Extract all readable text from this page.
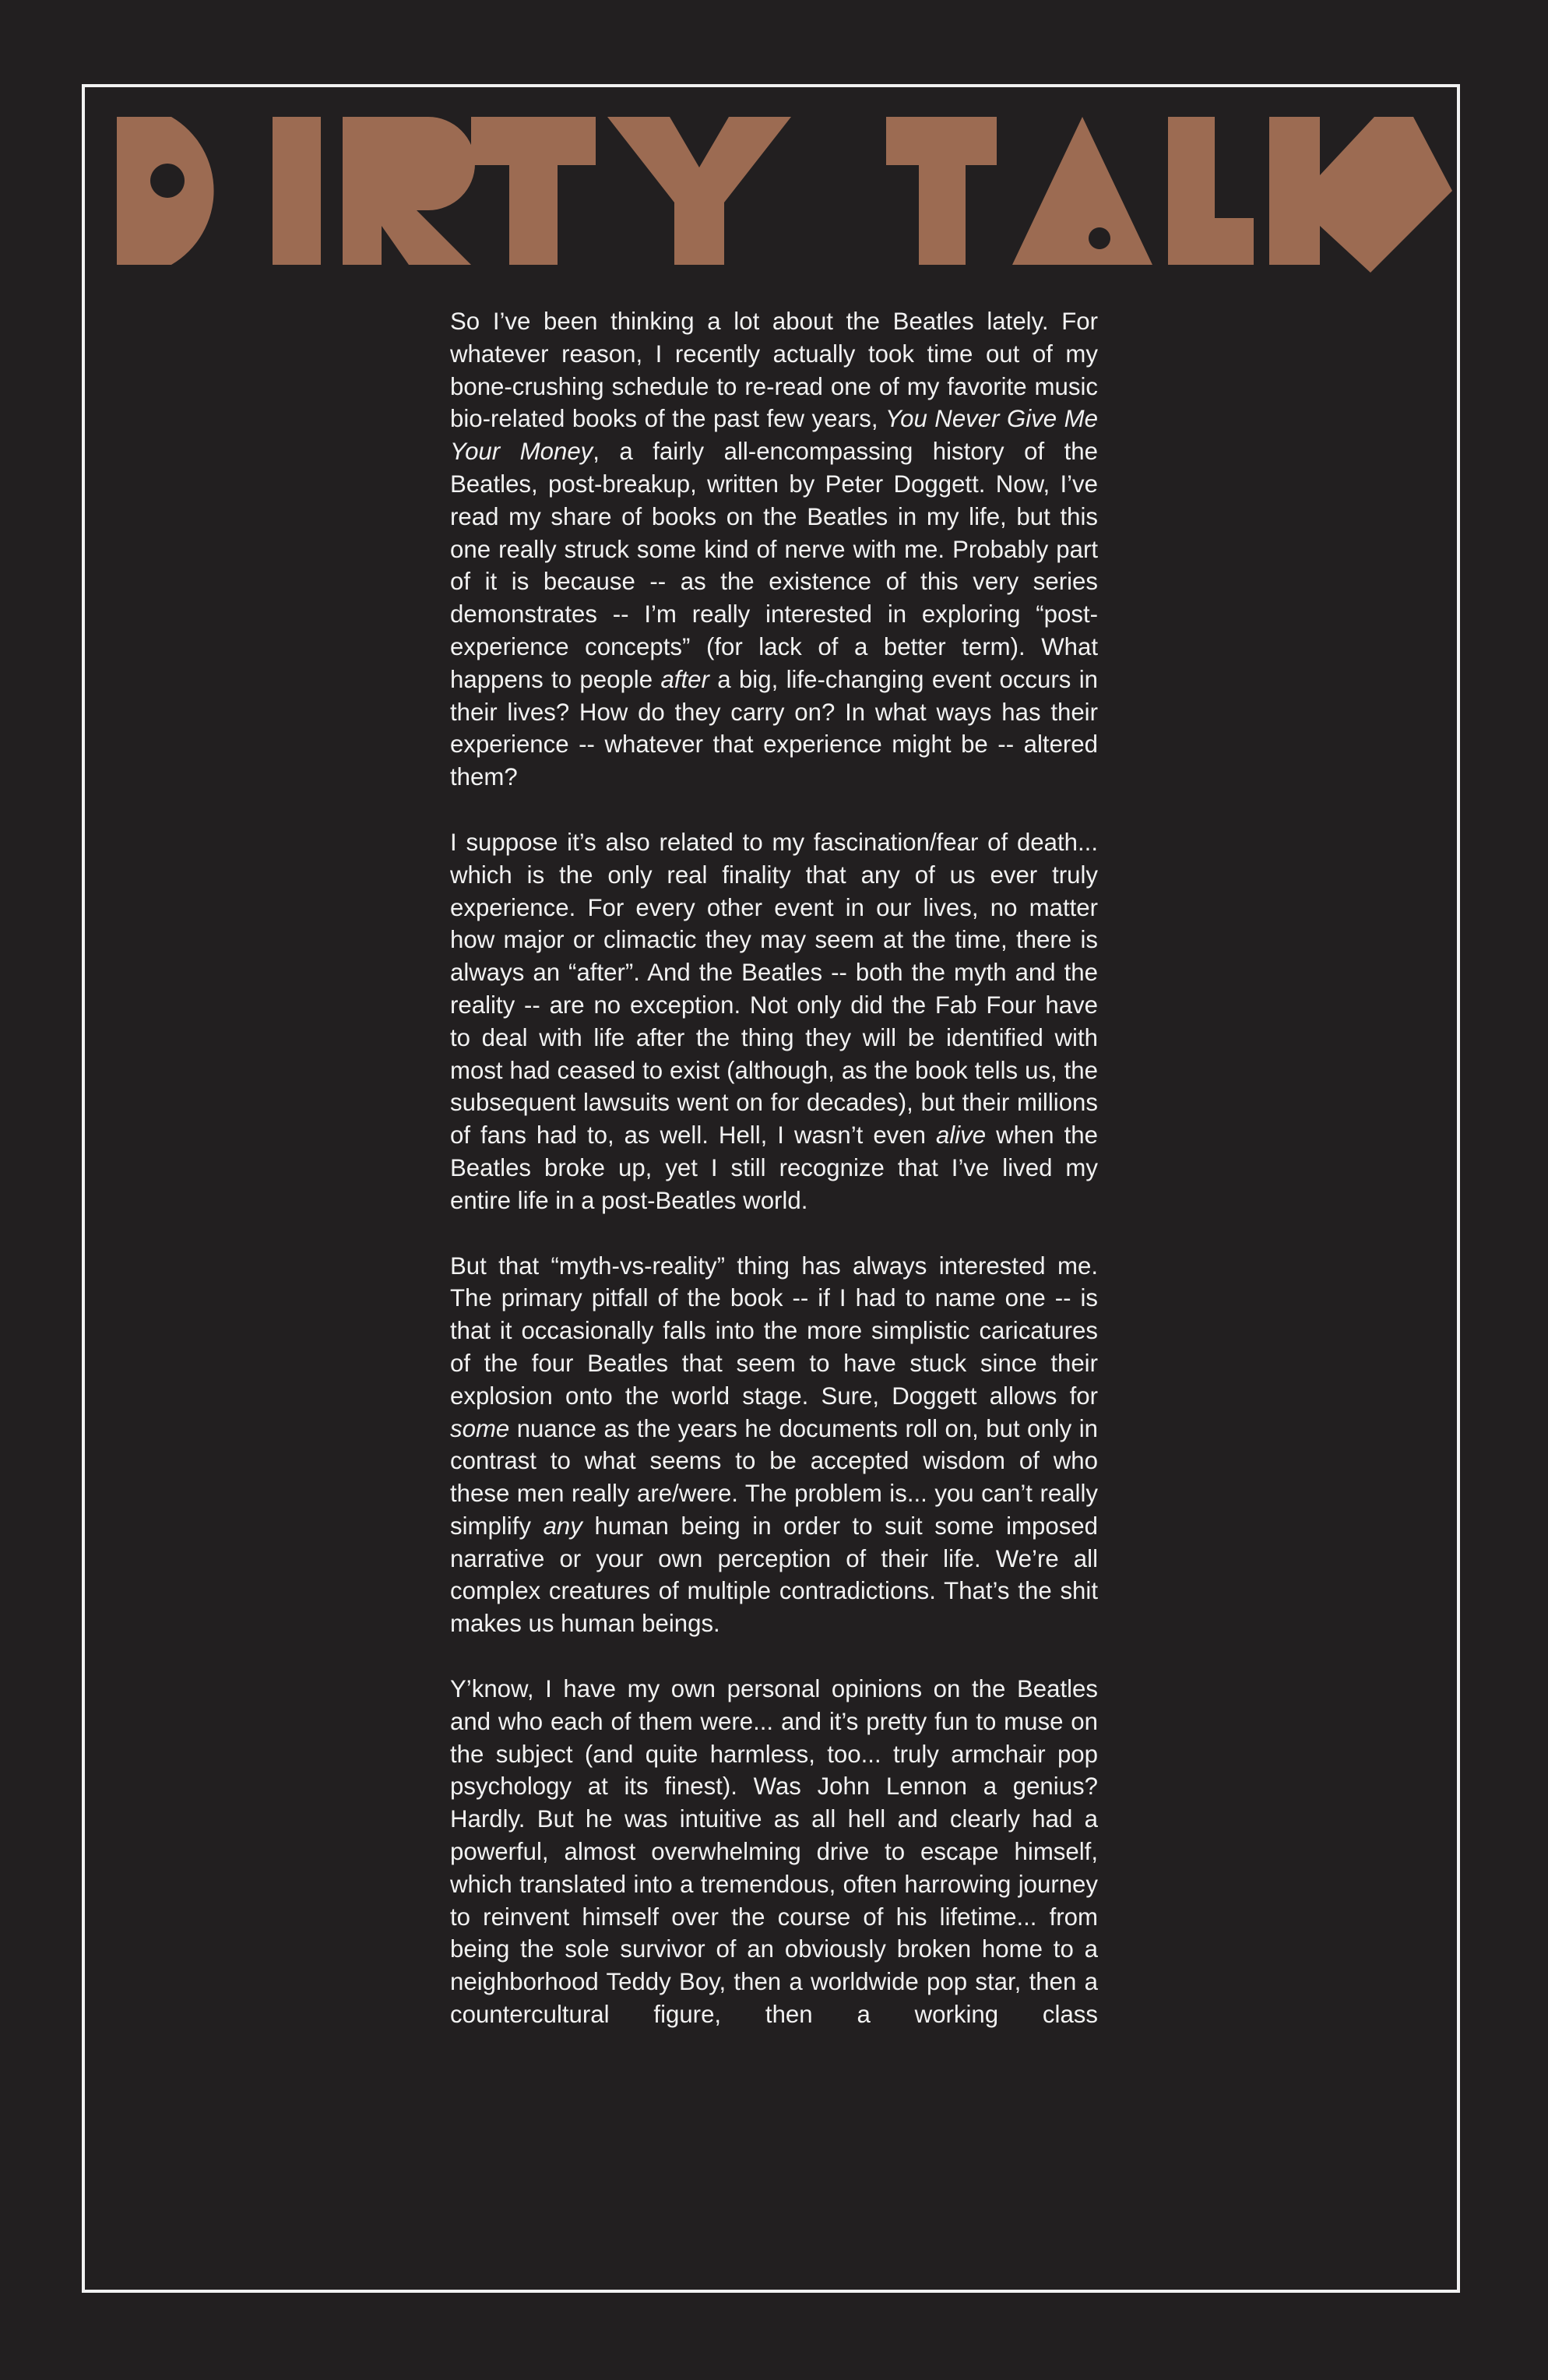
So I’ve been thinking a lot about the Beatles lately. For whatever reason, I recently actually took time out of my bone-crushing schedule to re-read one of my favorite music bio-related books of the past few years, You Never Give Me Your Money, a fairly all-encompassing history of the Beatles, post-breakup, written by Peter Doggett. Now, I’ve read my share of books on the Beatles in my life, but this one really struck some kind of nerve with me. Probably part of it is because -- as the existence of this very series demonstrates -- I’m really interested in exploring “post-experience concepts” (for lack of a better term). What happens to people after a big, life-changing event occurs in their lives? How do they carry on? In what ways has their experience -- whatever that experience might be -- altered them?

I suppose it’s also related to my fascination/fear of death... which is the only real finality that any of us ever truly experience. For every other event in our lives, no matter how major or climactic they may seem at the time, there is always an “after”. And the Beatles -- both the myth and the reality -- are no exception. Not only did the Fab Four have to deal with life after the thing they will be identified with most had ceased to exist (although, as the book tells us, the subsequent lawsuits went on for decades), but their millions of fans had to, as well. Hell, I wasn’t even alive when the Beatles broke up, yet I still recognize that I’ve lived my entire life in a post-Beatles world.

But that “myth-vs-reality” thing has always interested me. The primary pitfall of the book -- if I had to name one -- is that it occasionally falls into the more simplistic caricatures of the four Beatles that seem to have stuck since their explosion onto the world stage. Sure, Doggett allows for some nuance as the years he documents roll on, but only in contrast to what seems to be accepted wisdom of who these men really are/were. The problem is... you can’t really simplify any human being in order to suit some imposed narrative or your own perception of their life. We’re all complex creatures of multiple contradictions. That’s the shit makes us human beings.

Y’know, I have my own personal opinions on the Beatles and who each of them were... and it’s pretty fun to muse on the subject (and quite harmless, too... truly armchair pop psychology at its finest). Was John Lennon a genius? Hardly. But he was intuitive as all hell and clearly had a powerful, almost overwhelming drive to escape himself, which translated into a tremendous, often harrowing journey to reinvent himself over the course of his lifetime... from being the sole survivor of an obviously broken home to a neighborhood Teddy Boy, then a worldwide pop star, then a countercultural figure, then a working class
